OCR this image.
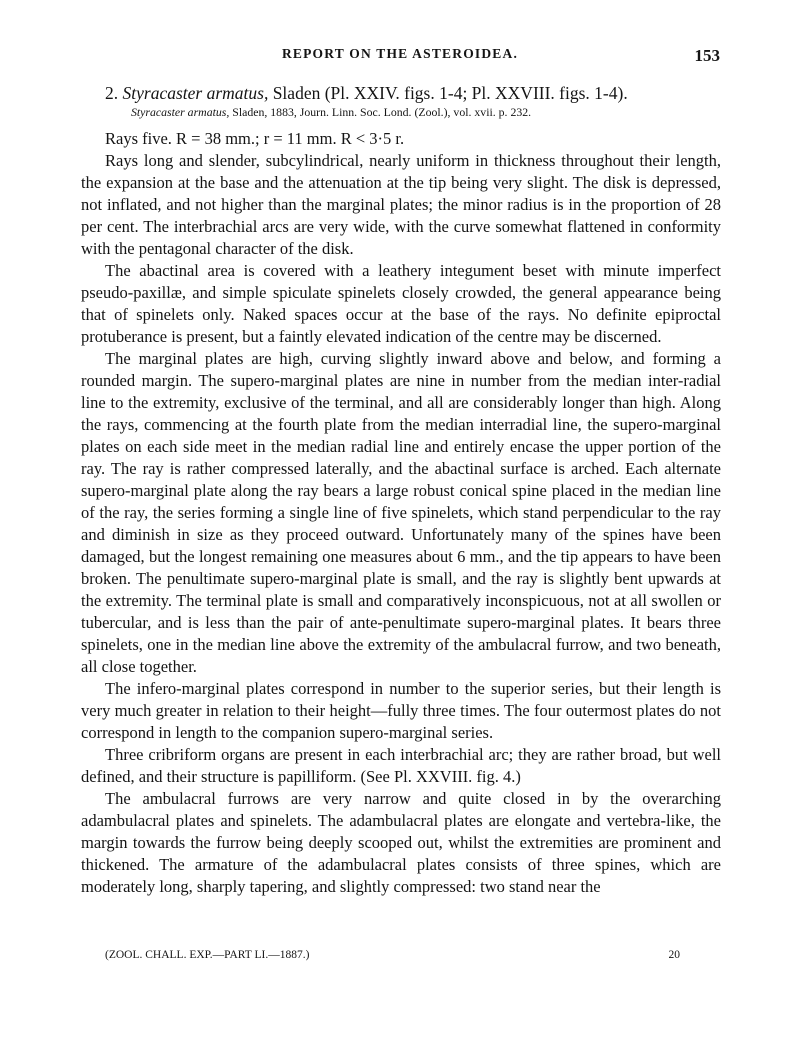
REPORT ON THE ASTEROIDEA.	153

2. Styracaster armatus, Sladen (Pl. XXIV. figs. 1-4; Pl. XXVIII. figs. 1-4).

Styracaster armatus, Sladen, 1883, Journ. Linn. Soc. Lond. (Zool.), vol. xvii. p. 232.

Rays five. R = 38 mm.; r = 11 mm. R < 3·5 r.

Rays long and slender, subcylindrical, nearly uniform in thickness throughout their length, the expansion at the base and the attenuation at the tip being very slight. The disk is depressed, not inflated, and not higher than the marginal plates; the minor radius is in the proportion of 28 per cent. The interbrachial arcs are very wide, with the curve somewhat flattened in conformity with the pentagonal character of the disk.

The abactinal area is covered with a leathery integument beset with minute imperfect pseudo-paxillæ, and simple spiculate spinelets closely crowded, the general appearance being that of spinelets only. Naked spaces occur at the base of the rays. No definite epiproctal protuberance is present, but a faintly elevated indication of the centre may be discerned.

The marginal plates are high, curving slightly inward above and below, and forming a rounded margin. The supero-marginal plates are nine in number from the median inter-radial line to the extremity, exclusive of the terminal, and all are considerably longer than high. Along the rays, commencing at the fourth plate from the median interradial line, the supero-marginal plates on each side meet in the median radial line and entirely encase the upper portion of the ray. The ray is rather compressed laterally, and the abactinal surface is arched. Each alternate supero-marginal plate along the ray bears a large robust conical spine placed in the median line of the ray, the series forming a single line of five spinelets, which stand perpendicular to the ray and diminish in size as they proceed outward. Unfortunately many of the spines have been damaged, but the longest remaining one measures about 6 mm., and the tip appears to have been broken. The penultimate supero-marginal plate is small, and the ray is slightly bent upwards at the extremity. The terminal plate is small and comparatively inconspicuous, not at all swollen or tubercular, and is less than the pair of ante-penultimate supero-marginal plates. It bears three spinelets, one in the median line above the extremity of the ambulacral furrow, and two beneath, all close together.

The infero-marginal plates correspond in number to the superior series, but their length is very much greater in relation to their height—fully three times. The four outermost plates do not correspond in length to the companion supero-marginal series.

Three cribriform organs are present in each interbrachial arc; they are rather broad, but well defined, and their structure is papilliform. (See Pl. XXVIII. fig. 4.)

The ambulacral furrows are very narrow and quite closed in by the overarching adambulacral plates and spinelets. The adambulacral plates are elongate and vertebra-like, the margin towards the furrow being deeply scooped out, whilst the extremities are prominent and thickened. The armature of the adambulacral plates consists of three spines, which are moderately long, sharply tapering, and slightly compressed: two stand near the

(ZOOL. CHALL. EXP.—PART LI.—1887.)	20
